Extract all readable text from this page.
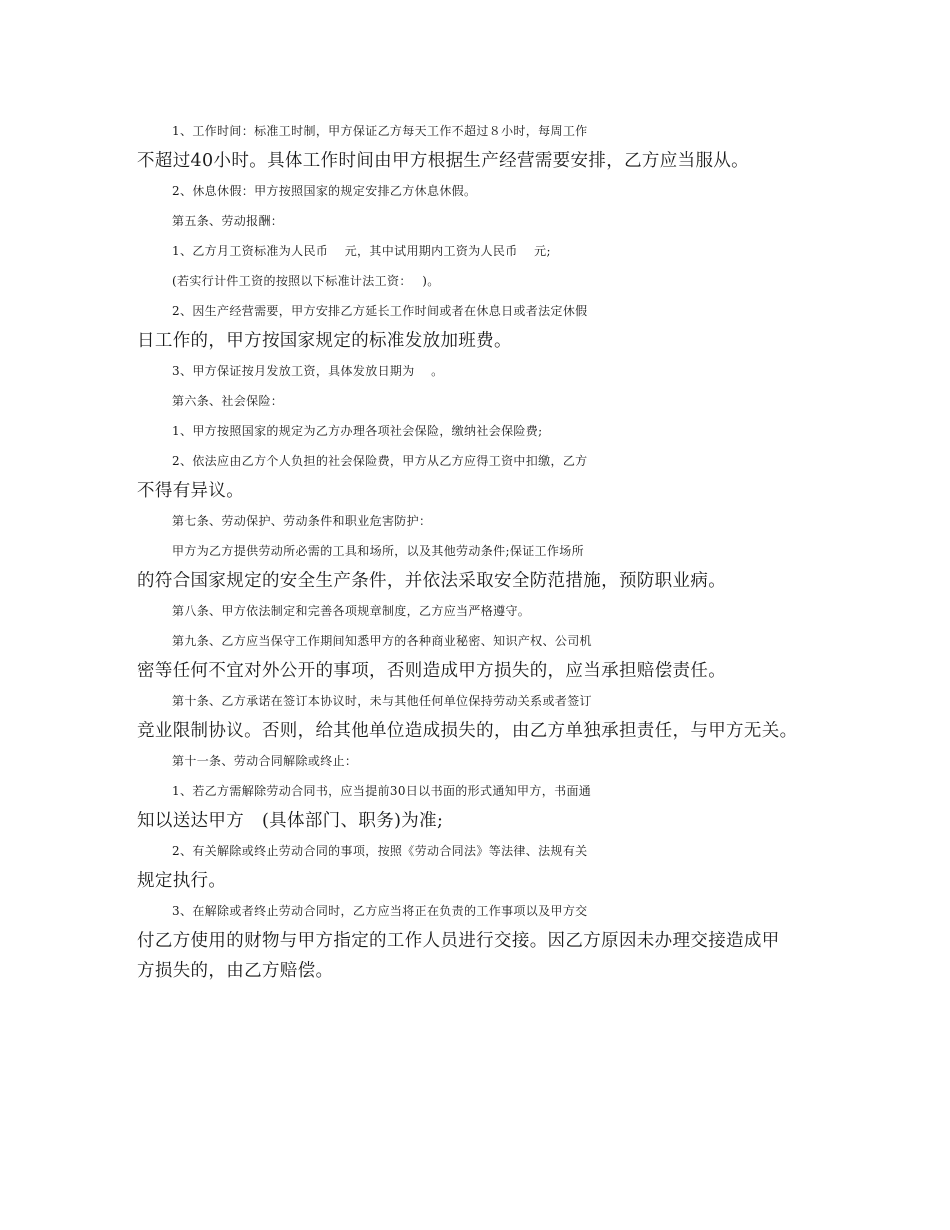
1、工作时间：标准工时制，甲方保证乙方每天工作不超过８小时，每周工作
不超过40小时。具体工作时间由甲方根据生产经营需要安排，乙方应当服从。

2、休息休假：甲方按照国家的规定安排乙方休息休假。

第五条、劳动报酬：

1、乙方月工资标准为人民币　 元，其中试用期内工资为人民币　 元;

(若实行计件工资的按照以下标准计法工资：　 )。

2、因生产经营需要，甲方安排乙方延长工作时间或者在休息日或者法定休假
日工作的，甲方按国家规定的标准发放加班费。

3、甲方保证按月发放工资，具体发放日期为　 。

第六条、社会保险：

1、甲方按照国家的规定为乙方办理各项社会保险，缴纳社会保险费;

2、依法应由乙方个人负担的社会保险费，甲方从乙方应得工资中扣缴，乙方
不得有异议。

第七条、劳动保护、劳动条件和职业危害防护：

甲方为乙方提供劳动所必需的工具和场所，以及其他劳动条件;保证工作场所
的符合国家规定的安全生产条件，并依法采取安全防范措施，预防职业病。

第八条、甲方依法制定和完善各项规章制度，乙方应当严格遵守。

第九条、乙方应当保守工作期间知悉甲方的各种商业秘密、知识产权、公司机
密等任何不宜对外公开的事项，否则造成甲方损失的，应当承担赔偿责任。

第十条、乙方承诺在签订本协议时，未与其他任何单位保持劳动关系或者签订
竞业限制协议。否则，给其他单位造成损失的，由乙方单独承担责任，与甲方无关。

第十一条、劳动合同解除或终止：

1、若乙方需解除劳动合同书，应当提前30日以书面的形式通知甲方，书面通
知以送达甲方　(具体部门、职务)为准;

2、有关解除或终止劳动合同的事项，按照《劳动合同法》等法律、法规有关
规定执行。

3、在解除或者终止劳动合同时，乙方应当将正在负责的工作事项以及甲方交
付乙方使用的财物与甲方指定的工作人员进行交接。因乙方原因未办理交接造成甲
方损失的，由乙方赔偿。
